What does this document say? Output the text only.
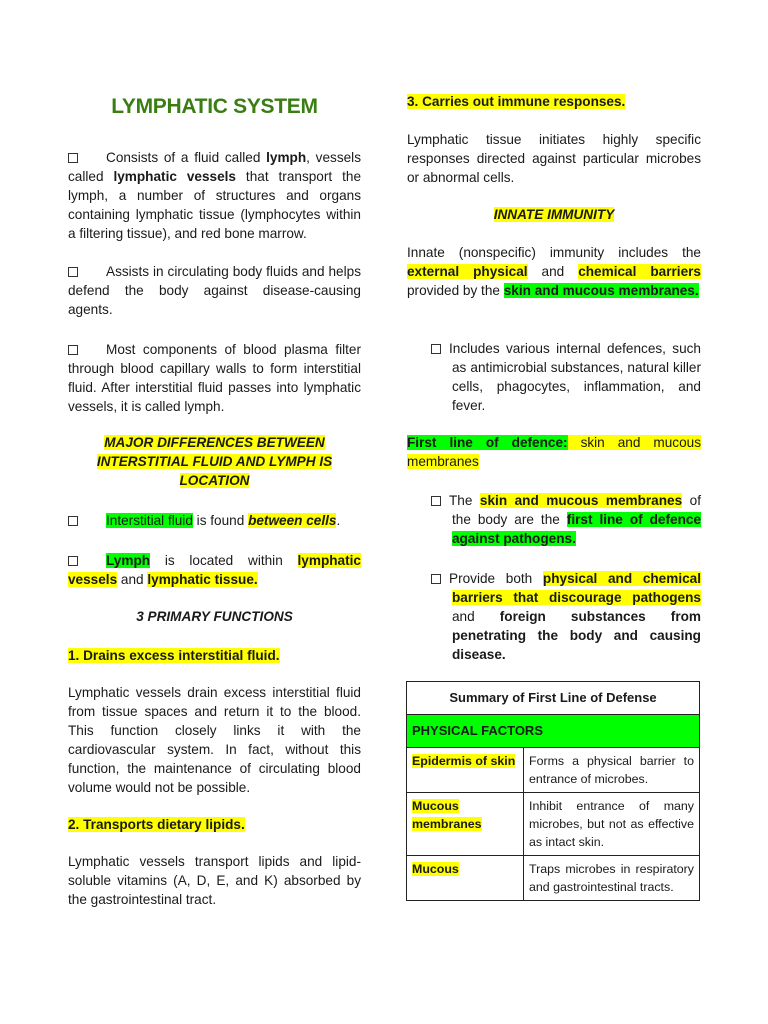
LYMPHATIC SYSTEM

Consists of a fluid called lymph, vessels called lymphatic vessels that transport the lymph, a number of structures and organs containing lymphatic tissue (lymphocytes within a filtering tissue), and red bone marrow.

Assists in circulating body fluids and helps defend the body against disease-causing agents.

Most components of blood plasma filter through blood capillary walls to form interstitial fluid. After interstitial fluid passes into lymphatic vessels, it is called lymph.

MAJOR DIFFERENCES BETWEEN INTERSTITIAL FLUID AND LYMPH IS LOCATION

Interstitial fluid is found between cells.

Lymph is located within lymphatic vessels and lymphatic tissue.

3 PRIMARY FUNCTIONS

1. Drains excess interstitial fluid.

Lymphatic vessels drain excess interstitial fluid from tissue spaces and return it to the blood. This function closely links it with the cardiovascular system. In fact, without this function, the maintenance of circulating blood volume would not be possible.

2. Transports dietary lipids.

Lymphatic vessels transport lipids and lipid-soluble vitamins (A, D, E, and K) absorbed by the gastrointestinal tract.

3. Carries out immune responses.

Lymphatic tissue initiates highly specific responses directed against particular microbes or abnormal cells.

INNATE IMMUNITY

Innate (nonspecific) immunity includes the external physical and chemical barriers provided by the skin and mucous membranes.

Includes various internal defences, such as antimicrobial substances, natural killer cells, phagocytes, inflammation, and fever.

First line of defence: skin and mucous membranes

The skin and mucous membranes of the body are the first line of defence against pathogens.

Provide both physical and chemical barriers that discourage pathogens and foreign substances from penetrating the body and causing disease.

Summary of First Line of Defense	
PHYSICAL FACTORS	
Epidermis of skin	Forms a physical barrier to entrance of microbes.
Mucous membranes	Inhibit entrance of many microbes, but not as effective as intact skin.
Mucous	Traps microbes in respiratory and gastrointestinal tracts.
